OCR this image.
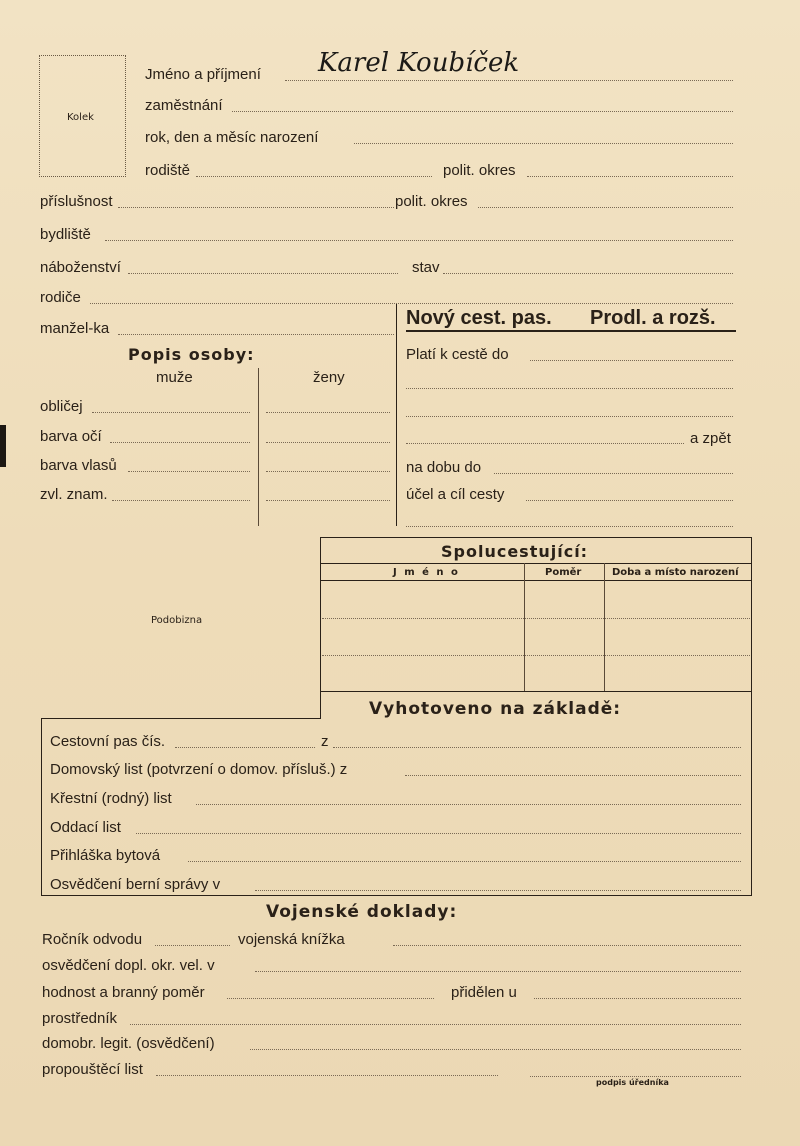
Kolek
Jméno a příjmení Karel Koubíček
zaměstnání
rok, den a měsíc narození
rodiště	polit. okres
příslušnost	polit. okres
bydliště
náboženství	stav
rodiče
manžel-ka
Popis osoby:
muže	ženy
obličej
barva očí
barva vlasů
zvl. znam.
Nový cest. pas. Prodl. a rozš.
Platí k cestě do
a zpět
na dobu do
účel a cíl cesty
Podobizna
Spolucestující:
J m é n o	Poměr	Doba a místo narození
Vyhotoveno na základě:
Cestovní pas čís.	z
Domovský list (potvrzení o domov. přísluš.) z
Křestní (rodný) list
Oddací list
Přihláška bytová
Osvědčení berní správy v
Vojenské doklady:
Ročník odvodu	vojenská knížka
osvědčení dopl. okr. vel. v
hodnost a branný poměr	přidělen u
prostředník
domobr. legit. (osvědčení)
propouštěcí list
podpis úředníka
